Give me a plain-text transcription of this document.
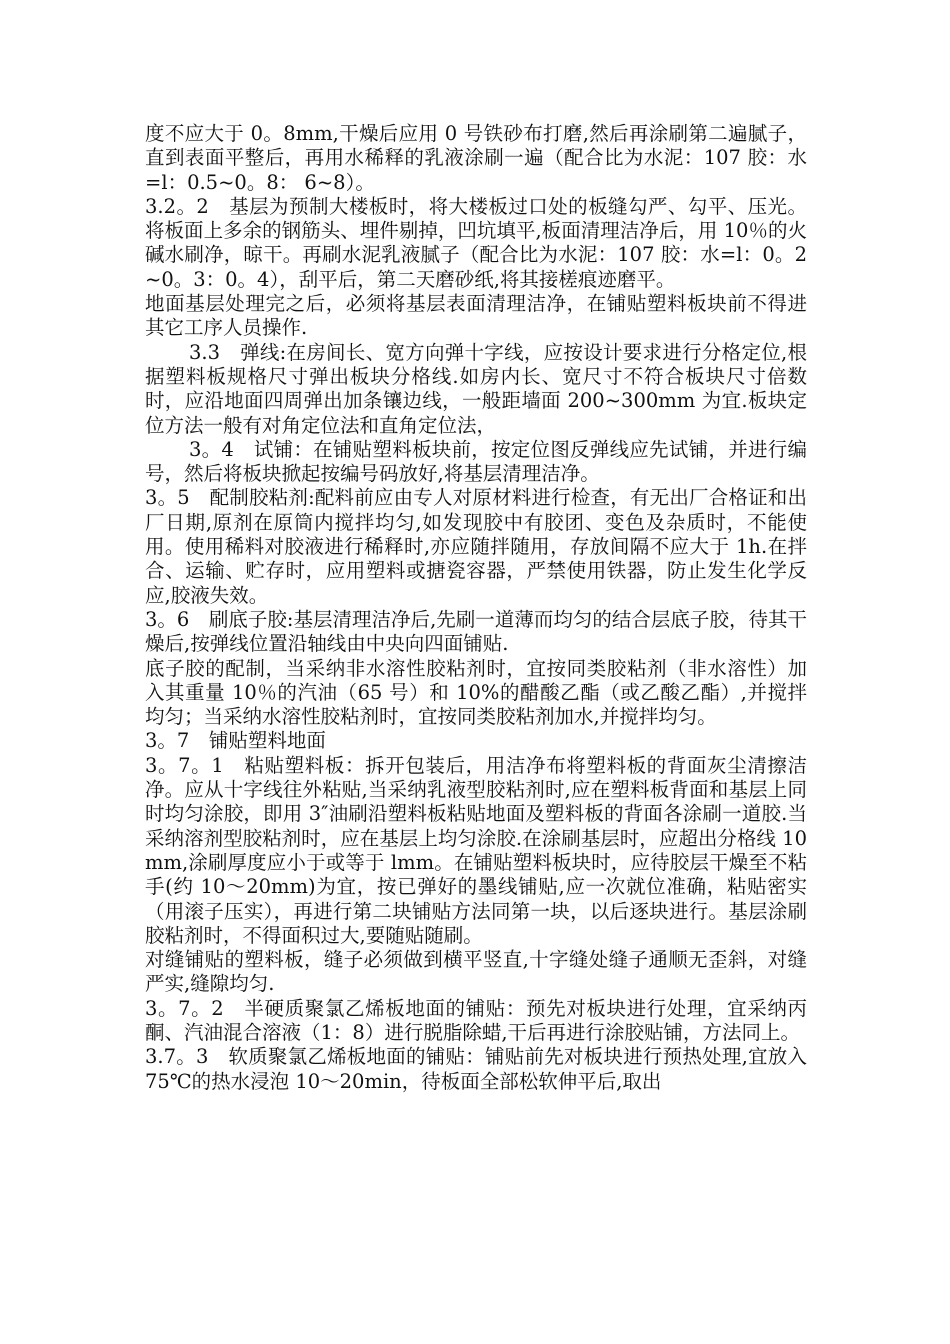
度不应大于 0。8mm,干燥后应用 0 号铁砂布打磨,然后再涂刷第二遍腻子，直到表面平整后，再用水稀释的乳液涂刷一遍（配合比为水泥：107 胶：水=l：0.5~0。8： 6~8）。

3.2。2　基层为预制大楼板时，将大楼板过口处的板缝勾严、勾平、压光。将板面上多余的钢筋头、埋件剔掉，凹坑填平,板面清理洁净后，用 10％的火碱水刷净，晾干。再刷水泥乳液腻子（配合比为水泥：107 胶：水=l：0。2~0。3：0。4），刮平后，第二天磨砂纸,将其接槎痕迹磨平。

地面基层处理完之后，必须将基层表面清理洁净，在铺贴塑料板块前不得进其它工序人员操作.

3.3　弹线:在房间长、宽方向弹十字线，应按设计要求进行分格定位,根据塑料板规格尺寸弹出板块分格线.如房内长、宽尺寸不符合板块尺寸倍数时，应沿地面四周弹出加条镶边线，一般距墙面 200~300mm 为宜.板块定位方法一般有对角定位法和直角定位法，

3。4　试铺：在铺贴塑料板块前，按定位图反弹线应先试铺，并进行编号，然后将板块掀起按编号码放好,将基层清理洁净。

3。5　配制胶粘剂:配料前应由专人对原材料进行检查，有无出厂合格证和出厂日期,原剂在原筒内搅拌均匀,如发现胶中有胶团、变色及杂质时，不能使用。使用稀料对胶液进行稀释时,亦应随拌随用，存放间隔不应大于 1h.在拌合、运输、贮存时，应用塑料或搪瓷容器，严禁使用铁器，防止发生化学反应,胶液失效。

3。6　刷底子胶:基层清理洁净后,先刷一道薄而均匀的结合层底子胶，待其干燥后,按弹线位置沿轴线由中央向四面铺贴.

底子胶的配制，当采纳非水溶性胶粘剂时，宜按同类胶粘剂（非水溶性）加入其重量 10％的汽油（65 号）和 10%的醋酸乙酯（或乙酸乙酯）,并搅拌均匀；当采纳水溶性胶粘剂时，宜按同类胶粘剂加水,并搅拌均匀。

3。7　铺贴塑料地面

3。7。1　粘贴塑料板：拆开包装后，用洁净布将塑料板的背面灰尘清擦洁净。应从十字线往外粘贴,当采纳乳液型胶粘剂时,应在塑料板背面和基层上同时均匀涂胶，即用 3″油刷沿塑料板粘贴地面及塑料板的背面各涂刷一道胶.当采纳溶剂型胶粘剂时，应在基层上均匀涂胶.在涂刷基层时，应超出分格线 10mm,涂刷厚度应小于或等于 lmm。在铺贴塑料板块时，应待胶层干燥至不粘手(约 10～20mm)为宜，按已弹好的墨线铺贴,应一次就位准确，粘贴密实（用滚子压实），再进行第二块铺贴方法同第一块，以后逐块进行。基层涂刷胶粘剂时，不得面积过大,要随贴随刷。

对缝铺贴的塑料板，缝子必须做到横平竖直,十字缝处缝子通顺无歪斜，对缝严实,缝隙均匀.

3。7。2　半硬质聚氯乙烯板地面的铺贴：预先对板块进行处理，宜采纳丙酮、汽油混合溶液（1：8）进行脱脂除蜡,干后再进行涂胶贴铺，方法同上。

3.7。3　软质聚氯乙烯板地面的铺贴：铺贴前先对板块进行预热处理,宜放入 75℃的热水浸泡 10～20min，待板面全部松软伸平后,取出
